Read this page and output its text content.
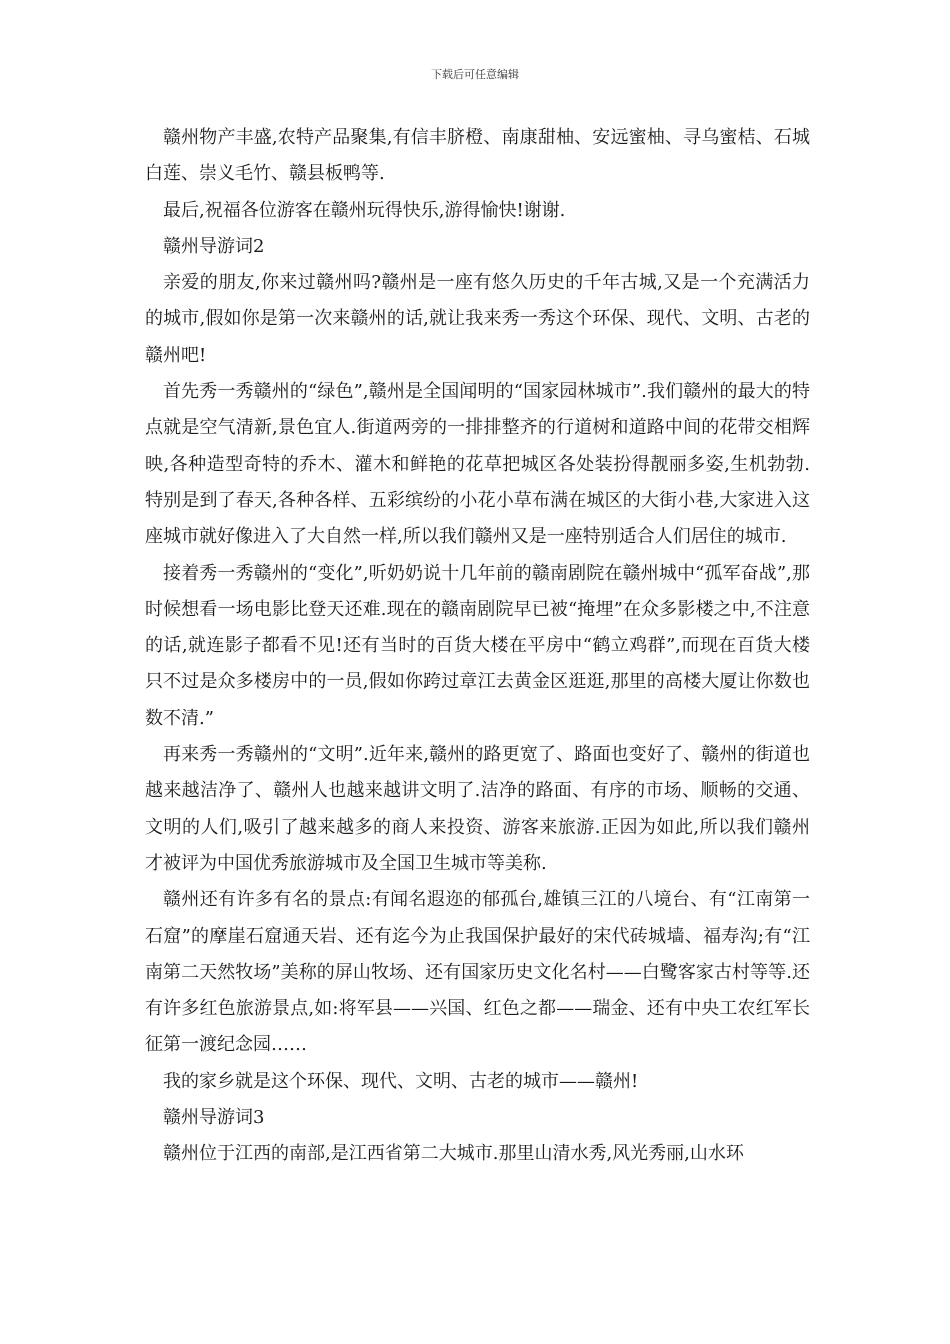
下载后可任意编辑

赣州物产丰盛,农特产品聚集,有信丰脐橙、南康甜柚、安远蜜柚、寻乌蜜桔、石城白莲、崇义毛竹、赣县板鸭等.

最后,祝福各位游客在赣州玩得快乐,游得愉快!谢谢.

赣州导游词2

亲爱的朋友,你来过赣州吗?赣州是一座有悠久历史的千年古城,又是一个充满活力的城市,假如你是第一次来赣州的话,就让我来秀一秀这个环保、现代、文明、古老的赣州吧!

首先秀一秀赣州的“绿色”,赣州是全国闻明的“国家园林城市”.我们赣州的最大的特点就是空气清新,景色宜人.街道两旁的一排排整齐的行道树和道路中间的花带交相辉映,各种造型奇特的乔木、灌木和鲜艳的花草把城区各处装扮得靓丽多姿,生机勃勃.特别是到了春天,各种各样、五彩缤纷的小花小草布满在城区的大街小巷,大家进入这座城市就好像进入了大自然一样,所以我们赣州又是一座特别适合人们居住的城市.

接着秀一秀赣州的“变化”,听奶奶说十几年前的赣南剧院在赣州城中“孤军奋战”,那时候想看一场电影比登天还难.现在的赣南剧院早已被“掩埋”在众多影楼之中,不注意的话,就连影子都看不见!还有当时的百货大楼在平房中“鹤立鸡群”,而现在百货大楼只不过是众多楼房中的一员,假如你跨过章江去黄金区逛逛,那里的高楼大厦让你数也数不清.”

再来秀一秀赣州的“文明”.近年来,赣州的路更宽了、路面也变好了、赣州的街道也越来越洁净了、赣州人也越来越讲文明了.洁净的路面、有序的市场、顺畅的交通、文明的人们,吸引了越来越多的商人来投资、游客来旅游.正因为如此,所以我们赣州才被评为中国优秀旅游城市及全国卫生城市等美称.

赣州还有许多有名的景点:有闻名遐迩的郁孤台,雄镇三江的八境台、有“江南第一石窟”的摩崖石窟通天岩、还有迄今为止我国保护最好的宋代砖城墙、福寿沟;有“江南第二天然牧场”美称的屏山牧场、还有国家历史文化名村——白鹭客家古村等等.还有许多红色旅游景点,如:将军县——兴国、红色之都——瑞金、还有中央工农红军长征第一渡纪念园……

我的家乡就是这个环保、现代、文明、古老的城市——赣州!

赣州导游词3

赣州位于江西的南部,是江西省第二大城市.那里山清水秀,风光秀丽,山水环
